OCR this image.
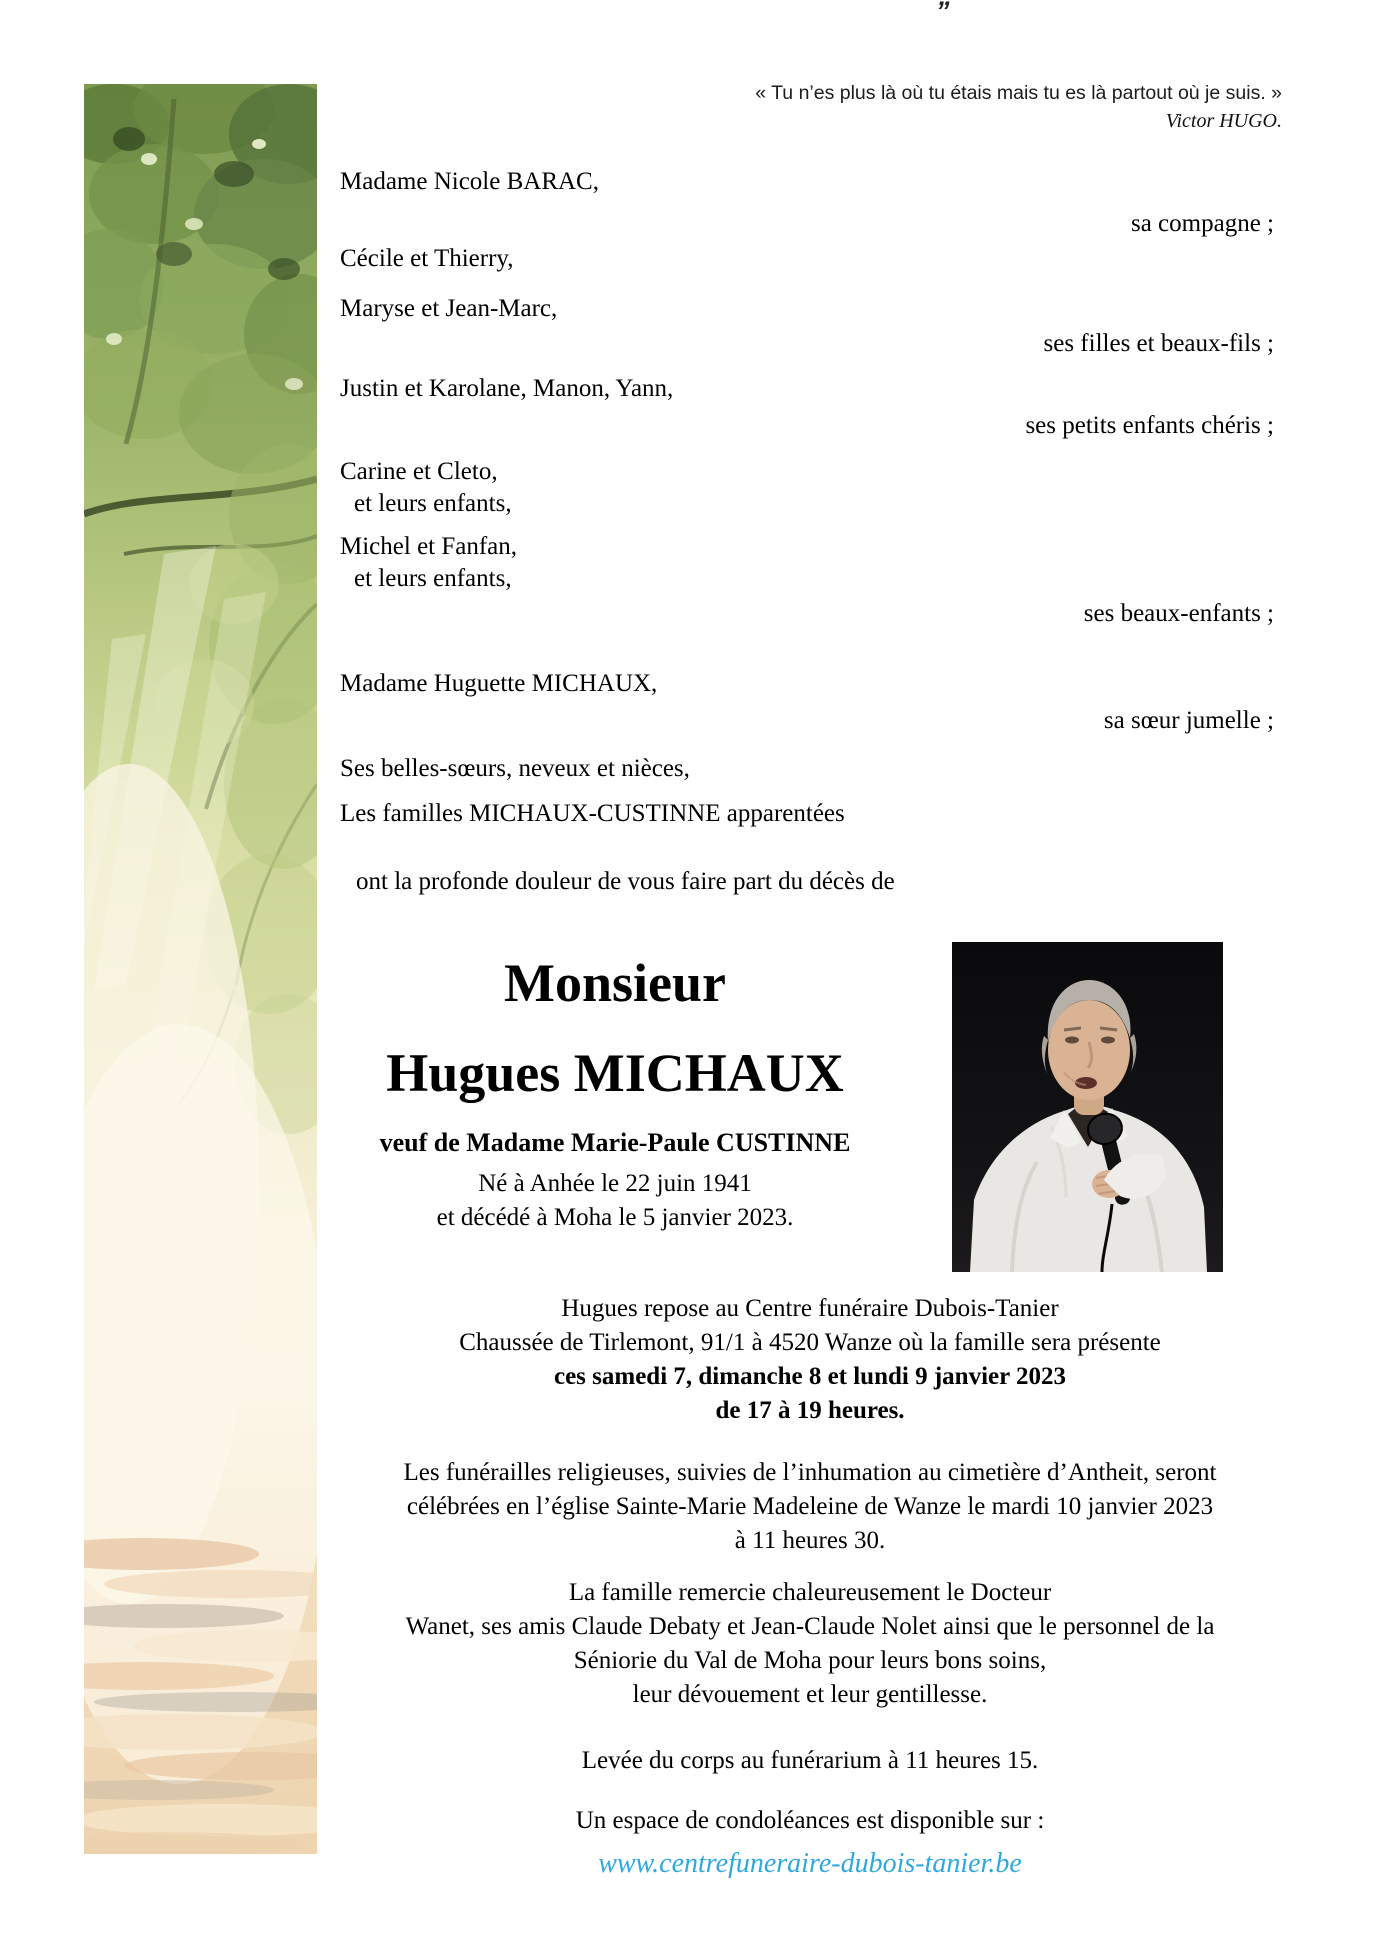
”
« Tu n’es plus là où tu étais mais tu es là partout où je suis. »
Victor HUGO.
Madame Nicole BARAC,
sa compagne ;
Cécile et Thierry,
Maryse et Jean-Marc,
ses filles et beaux-fils ;
Justin et Karolane, Manon, Yann,
ses petits enfants chéris ;
Carine et Cleto,
et leurs enfants,
Michel et Fanfan,
et leurs enfants,
ses beaux-enfants ;
Madame Huguette MICHAUX,
sa sœur jumelle ;
Ses belles-sœurs, neveux et nièces,
Les familles MICHAUX-CUSTINNE apparentées
ont la profonde douleur de vous faire part du décès de
Monsieur
Hugues MICHAUX
veuf de Madame Marie-Paule CUSTINNE
Né à Anhée le 22 juin 1941
et décédé à Moha le 5 janvier 2023.
Hugues repose au Centre funéraire Dubois-Tanier
Chaussée de Tirlemont, 91/1 à 4520 Wanze où la famille sera présente
ces samedi 7, dimanche 8 et lundi 9 janvier 2023
de 17 à 19 heures.
Les funérailles religieuses, suivies de l’inhumation au cimetière d’Antheit, seront
célébrées en l’église Sainte-Marie Madeleine de Wanze le mardi 10 janvier 2023
à 11 heures 30.
La famille remercie chaleureusement le Docteur
Wanet, ses amis Claude Debaty et Jean-Claude Nolet ainsi que le personnel de la
Séniorie du Val de Moha pour leurs bons soins,
leur dévouement et leur gentillesse.
Levée du corps au funérarium à 11 heures 15.
Un espace de condoléances est disponible sur :
www.centrefuneraire-dubois-tanier.be
